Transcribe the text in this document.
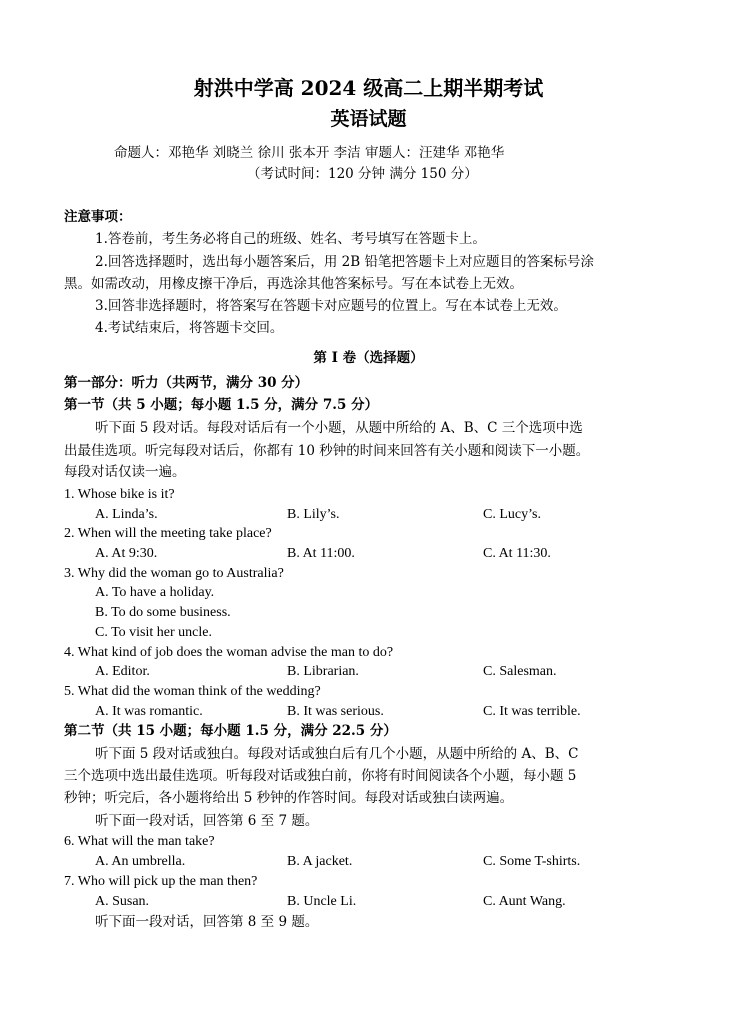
射洪中学高 2024 级高二上期半期考试
英语试题
命题人：邓艳华 刘晓兰 徐川 张本开 李洁 审题人：汪建华 邓艳华
（考试时间：120 分钟 满分 150 分）
注意事项：
1.答卷前，考生务必将自己的班级、姓名、考号填写在答题卡上。
2.回答选择题时，选出每小题答案后，用 2B 铅笔把答题卡上对应题目的答案标号涂
黑。如需改动，用橡皮擦干净后，再选涂其他答案标号。写在本试卷上无效。
3.回答非选择题时，将答案写在答题卡对应题号的位置上。写在本试卷上无效。
4.考试结束后，将答题卡交回。
第 I 卷（选择题）
第一部分：听力（共两节，满分 30 分）
第一节（共 5 小题；每小题 1.5 分，满分 7.5 分）
听下面 5 段对话。每段对话后有一个小题，从题中所给的 A、B、C 三个选项中选
出最佳选项。听完每段对话后，你都有 10 秒钟的时间来回答有关小题和阅读下一小题。
每段对话仅读一遍。
1. Whose bike is it?
A. Linda’s.	B. Lily’s.	C. Lucy’s.
2. When will the meeting take place?
A. At 9:30.	B. At 11:00.	C. At 11:30.
3. Why did the woman go to Australia?
A. To have a holiday.
B. To do some business.
C. To visit her uncle.
4. What kind of job does the woman advise the man to do?
A. Editor.	B. Librarian.	C. Salesman.
5. What did the woman think of the wedding?
A. It was romantic.	B. It was serious.	C. It was terrible.
第二节（共 15 小题；每小题 1.5 分，满分 22.5 分）
听下面 5 段对话或独白。每段对话或独白后有几个小题，从题中所给的 A、B、C
三个选项中选出最佳选项。听每段对话或独白前，你将有时间阅读各个小题，每小题 5
秒钟；听完后，各小题将给出 5 秒钟的作答时间。每段对话或独白读两遍。
听下面一段对话，回答第 6 至 7 题。
6. What will the man take?
A. An umbrella.	B. A jacket.	C. Some T-shirts.
7. Who will pick up the man then?
A. Susan.	B. Uncle Li.	C. Aunt Wang.
听下面一段对话，回答第 8 至 9 题。
